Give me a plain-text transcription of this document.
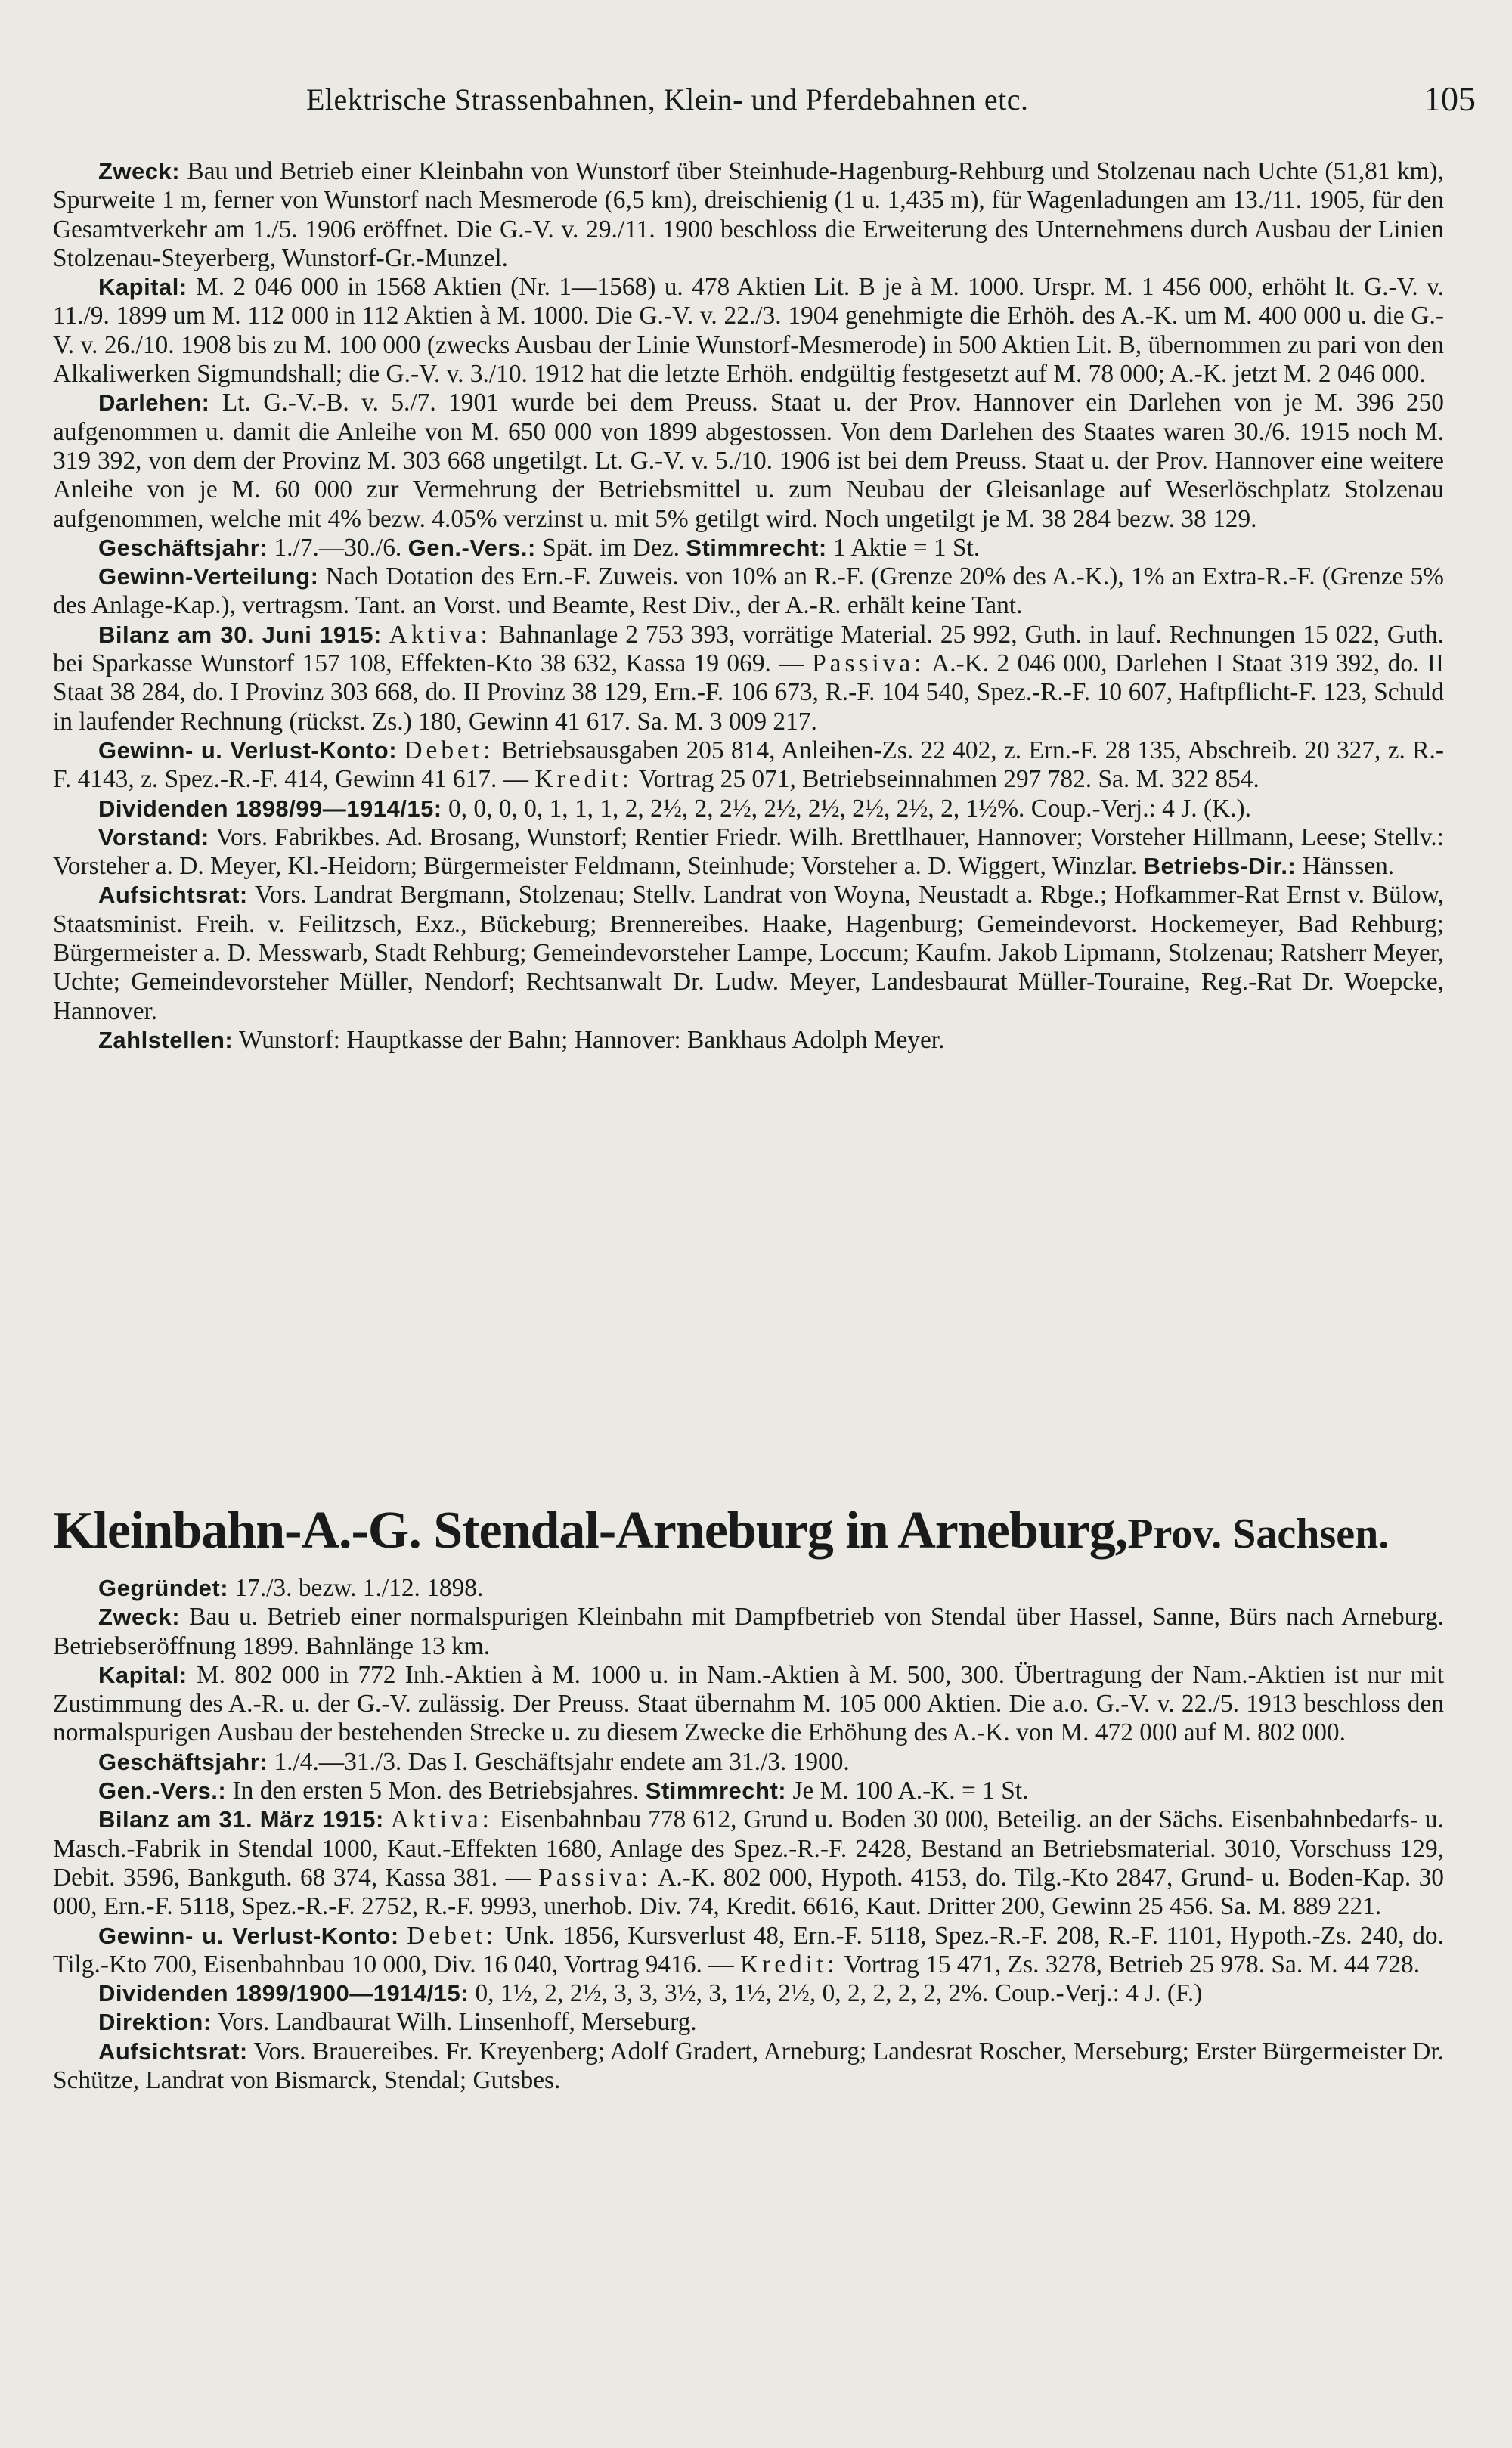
Elektrische Strassenbahnen, Klein- und Pferdebahnen etc.	105

Zweck: Bau und Betrieb einer Kleinbahn von Wunstorf über Steinhude-Hagenburg-Rehburg und Stolzenau nach Uchte (51,81 km), Spurweite 1 m, ferner von Wunstorf nach Mesmerode (6,5 km), dreischienig (1 u. 1,435 m), für Wagenladungen am 13./11. 1905, für den Gesamtverkehr am 1./5. 1906 eröffnet. Die G.-V. v. 29./11. 1900 beschloss die Erweiterung des Unternehmens durch Ausbau der Linien Stolzenau-Steyerberg, Wunstorf-Gr.-Munzel.

Kapital: M. 2 046 000 in 1568 Aktien (Nr. 1—1568) u. 478 Aktien Lit. B je à M. 1000. Urspr. M. 1 456 000, erhöht lt. G.-V. v. 11./9. 1899 um M. 112 000 in 112 Aktien à M. 1000. Die G.-V. v. 22./3. 1904 genehmigte die Erhöh. des A.-K. um M. 400 000 u. die G.-V. v. 26./10. 1908 bis zu M. 100 000 (zwecks Ausbau der Linie Wunstorf-Mesmerode) in 500 Aktien Lit. B, übernommen zu pari von den Alkaliwerken Sigmundshall; die G.-V. v. 3./10. 1912 hat die letzte Erhöh. endgültig festgesetzt auf M. 78 000; A.-K. jetzt M. 2 046 000.

Darlehen: Lt. G.-V.-B. v. 5./7. 1901 wurde bei dem Preuss. Staat u. der Prov. Hannover ein Darlehen von je M. 396 250 aufgenommen u. damit die Anleihe von M. 650 000 von 1899 abgestossen. Von dem Darlehen des Staates waren 30./6. 1915 noch M. 319 392, von dem der Provinz M. 303 668 ungetilgt. Lt. G.-V. v. 5./10. 1906 ist bei dem Preuss. Staat u. der Prov. Hannover eine weitere Anleihe von je M. 60 000 zur Vermehrung der Betriebsmittel u. zum Neubau der Gleisanlage auf Weserlöschplatz Stolzenau aufgenommen, welche mit 4% bezw. 4.05% verzinst u. mit 5% getilgt wird. Noch ungetilgt je M. 38 284 bezw. 38 129.

Geschäftsjahr: 1./7.—30./6. Gen.-Vers.: Spät. im Dez. Stimmrecht: 1 Aktie = 1 St.

Gewinn-Verteilung: Nach Dotation des Ern.-F. Zuweis. von 10% an R.-F. (Grenze 20% des A.-K.), 1% an Extra-R.-F. (Grenze 5% des Anlage-Kap.), vertragsm. Tant. an Vorst. und Beamte, Rest Div., der A.-R. erhält keine Tant.

Bilanz am 30. Juni 1915: Aktiva: Bahnanlage 2 753 393, vorrätige Material. 25 992, Guth. in lauf. Rechnungen 15 022, Guth. bei Sparkasse Wunstorf 157 108, Effekten-Kto 38 632, Kassa 19 069. — Passiva: A.-K. 2 046 000, Darlehen I Staat 319 392, do. II Staat 38 284, do. I Provinz 303 668, do. II Provinz 38 129, Ern.-F. 106 673, R.-F. 104 540, Spez.-R.-F. 10 607, Haftpflicht-F. 123, Schuld in laufender Rechnung (rückst. Zs.) 180, Gewinn 41 617. Sa. M. 3 009 217.

Gewinn- u. Verlust-Konto: Debet: Betriebsausgaben 205 814, Anleihen-Zs. 22 402, z. Ern.-F. 28 135, Abschreib. 20 327, z. R.-F. 4143, z. Spez.-R.-F. 414, Gewinn 41 617. — Kredit: Vortrag 25 071, Betriebseinnahmen 297 782. Sa. M. 322 854.

Dividenden 1898/99—1914/15: 0, 0, 0, 0, 1, 1, 1, 2, 2½, 2, 2½, 2½, 2½, 2½, 2½, 2, 1½%. Coup.-Verj.: 4 J. (K.).

Vorstand: Vors. Fabrikbes. Ad. Brosang, Wunstorf; Rentier Friedr. Wilh. Brettlhauer, Hannover; Vorsteher Hillmann, Leese; Stellv.: Vorsteher a. D. Meyer, Kl.-Heidorn; Bürgermeister Feldmann, Steinhude; Vorsteher a. D. Wiggert, Winzlar. Betriebs-Dir.: Hänssen.

Aufsichtsrat: Vors. Landrat Bergmann, Stolzenau; Stellv. Landrat von Woyna, Neustadt a. Rbge.; Hofkammer-Rat Ernst v. Bülow, Staatsminist. Freih. v. Feilitzsch, Exz., Bückeburg; Brennereibes. Haake, Hagenburg; Gemeindevorst. Hockemeyer, Bad Rehburg; Bürgermeister a. D. Messwarb, Stadt Rehburg; Gemeindevorsteher Lampe, Loccum; Kaufm. Jakob Lipmann, Stolzenau; Ratsherr Meyer, Uchte; Gemeindevorsteher Müller, Nendorf; Rechtsanwalt Dr. Ludw. Meyer, Landesbaurat Müller-Touraine, Reg.-Rat Dr. Woepcke, Hannover.

Zahlstellen: Wunstorf: Hauptkasse der Bahn; Hannover: Bankhaus Adolph Meyer.

Kleinbahn-A.-G. Stendal-Arneburg in Arneburg,Prov. Sachsen.

Gegründet: 17./3. bezw. 1./12. 1898.

Zweck: Bau u. Betrieb einer normalspurigen Kleinbahn mit Dampfbetrieb von Stendal über Hassel, Sanne, Bürs nach Arneburg. Betriebseröffnung 1899. Bahnlänge 13 km.

Kapital: M. 802 000 in 772 Inh.-Aktien à M. 1000 u. in Nam.-Aktien à M. 500, 300. Übertragung der Nam.-Aktien ist nur mit Zustimmung des A.-R. u. der G.-V. zulässig. Der Preuss. Staat übernahm M. 105 000 Aktien. Die a.o. G.-V. v. 22./5. 1913 beschloss den normalspurigen Ausbau der bestehenden Strecke u. zu diesem Zwecke die Erhöhung des A.-K. von M. 472 000 auf M. 802 000.

Geschäftsjahr: 1./4.—31./3. Das I. Geschäftsjahr endete am 31./3. 1900.

Gen.-Vers.: In den ersten 5 Mon. des Betriebsjahres. Stimmrecht: Je M. 100 A.-K. = 1 St.

Bilanz am 31. März 1915: Aktiva: Eisenbahnbau 778 612, Grund u. Boden 30 000, Beteilig. an der Sächs. Eisenbahnbedarfs- u. Masch.-Fabrik in Stendal 1000, Kaut.-Effekten 1680, Anlage des Spez.-R.-F. 2428, Bestand an Betriebsmaterial. 3010, Vorschuss 129, Debit. 3596, Bankguth. 68 374, Kassa 381. — Passiva: A.-K. 802 000, Hypoth. 4153, do. Tilg.-Kto 2847, Grund- u. Boden-Kap. 30 000, Ern.-F. 5118, Spez.-R.-F. 2752, R.-F. 9993, unerhob. Div. 74, Kredit. 6616, Kaut. Dritter 200, Gewinn 25 456. Sa. M. 889 221.

Gewinn- u. Verlust-Konto: Debet: Unk. 1856, Kursverlust 48, Ern.-F. 5118, Spez.-R.-F. 208, R.-F. 1101, Hypoth.-Zs. 240, do. Tilg.-Kto 700, Eisenbahnbau 10 000, Div. 16 040, Vortrag 9416. — Kredit: Vortrag 15 471, Zs. 3278, Betrieb 25 978. Sa. M. 44 728.

Dividenden 1899/1900—1914/15: 0, 1½, 2, 2½, 3, 3, 3½, 3, 1½, 2½, 0, 2, 2, 2, 2, 2%. Coup.-Verj.: 4 J. (F.)

Direktion: Vors. Landbaurat Wilh. Linsenhoff, Merseburg.

Aufsichtsrat: Vors. Brauereibes. Fr. Kreyenberg; Adolf Gradert, Arneburg; Landesrat Roscher, Merseburg; Erster Bürgermeister Dr. Schütze, Landrat von Bismarck, Stendal; Gutsbes.
